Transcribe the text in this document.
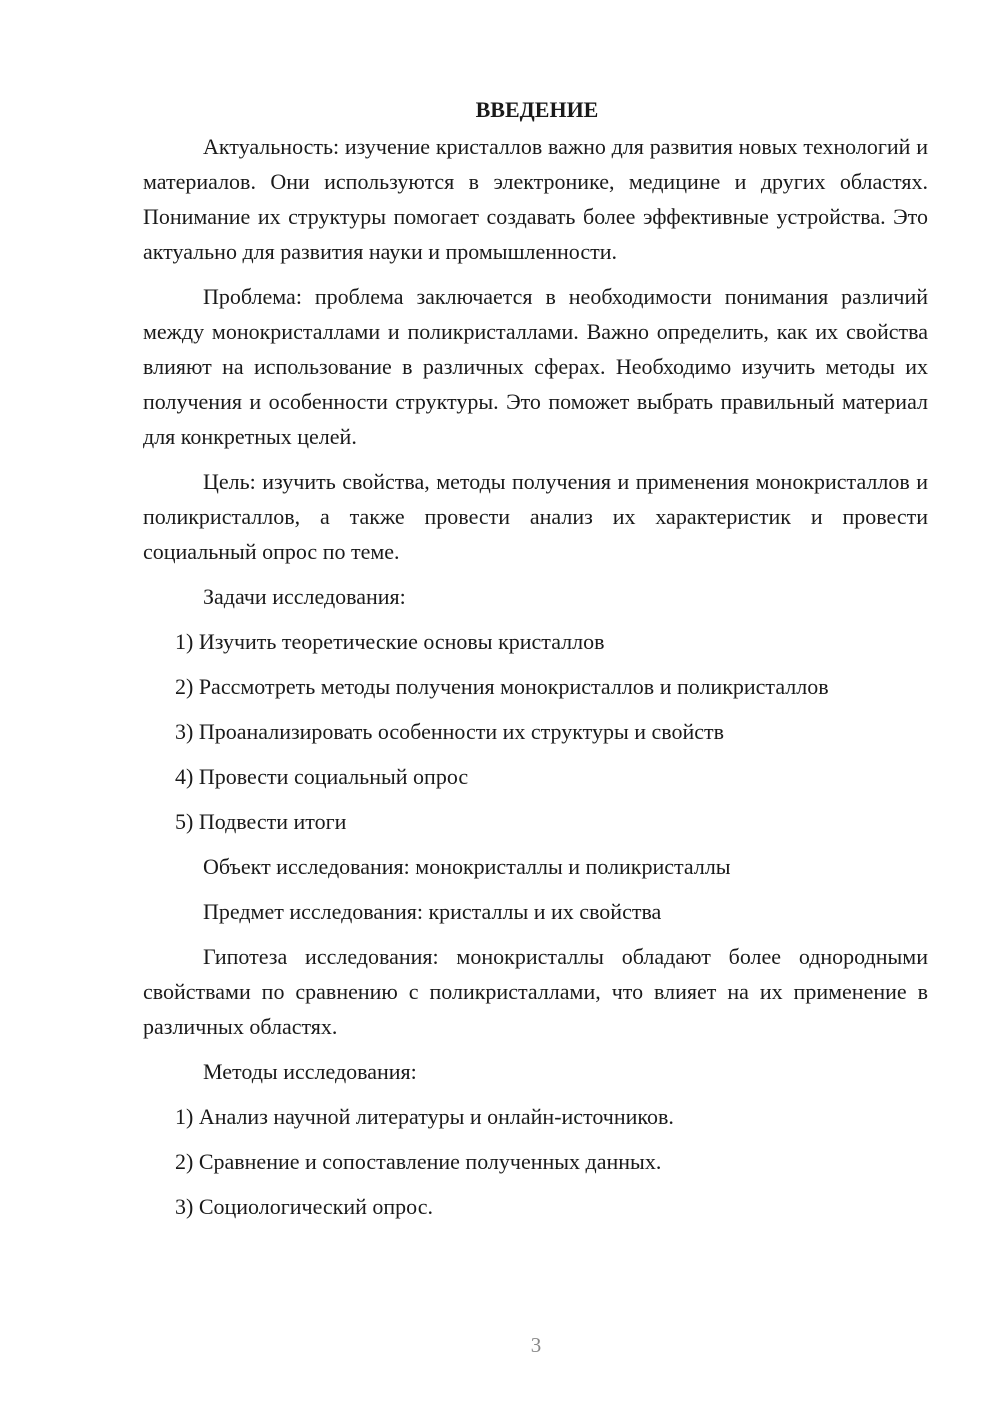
ВВЕДЕНИЕ

Актуальность: изучение кристаллов важно для развития новых технологий и материалов. Они используются в электронике, медицине и других областях. Понимание их структуры помогает создавать более эффективные устройства. Это актуально для развития науки и промышленности.

Проблема: проблема заключается в необходимости понимания различий между монокристаллами и поликристаллами. Важно определить, как их свойства влияют на использование в различных сферах. Необходимо изучить методы их получения и особенности структуры. Это поможет выбрать правильный материал для конкретных целей.

Цель: изучить свойства, методы получения и применения монокристаллов и поликристаллов, а также провести анализ их характеристик и провести социальный опрос по теме.

Задачи исследования:
1) Изучить теоретические основы кристаллов
2) Рассмотреть методы получения монокристаллов и поликристаллов
3) Проанализировать особенности их структуры и свойств
4) Провести социальный опрос
5) Подвести итоги
Объект исследования: монокристаллы и поликристаллы
Предмет исследования: кристаллы и их свойства

Гипотеза исследования: монокристаллы обладают более однородными свойствами по сравнению с поликристаллами, что влияет на их применение в различных областях.

Методы исследования:
1) Анализ научной литературы и онлайн-источников.
2) Сравнение и сопоставление полученных данных.
3) Социологический опрос.
3
